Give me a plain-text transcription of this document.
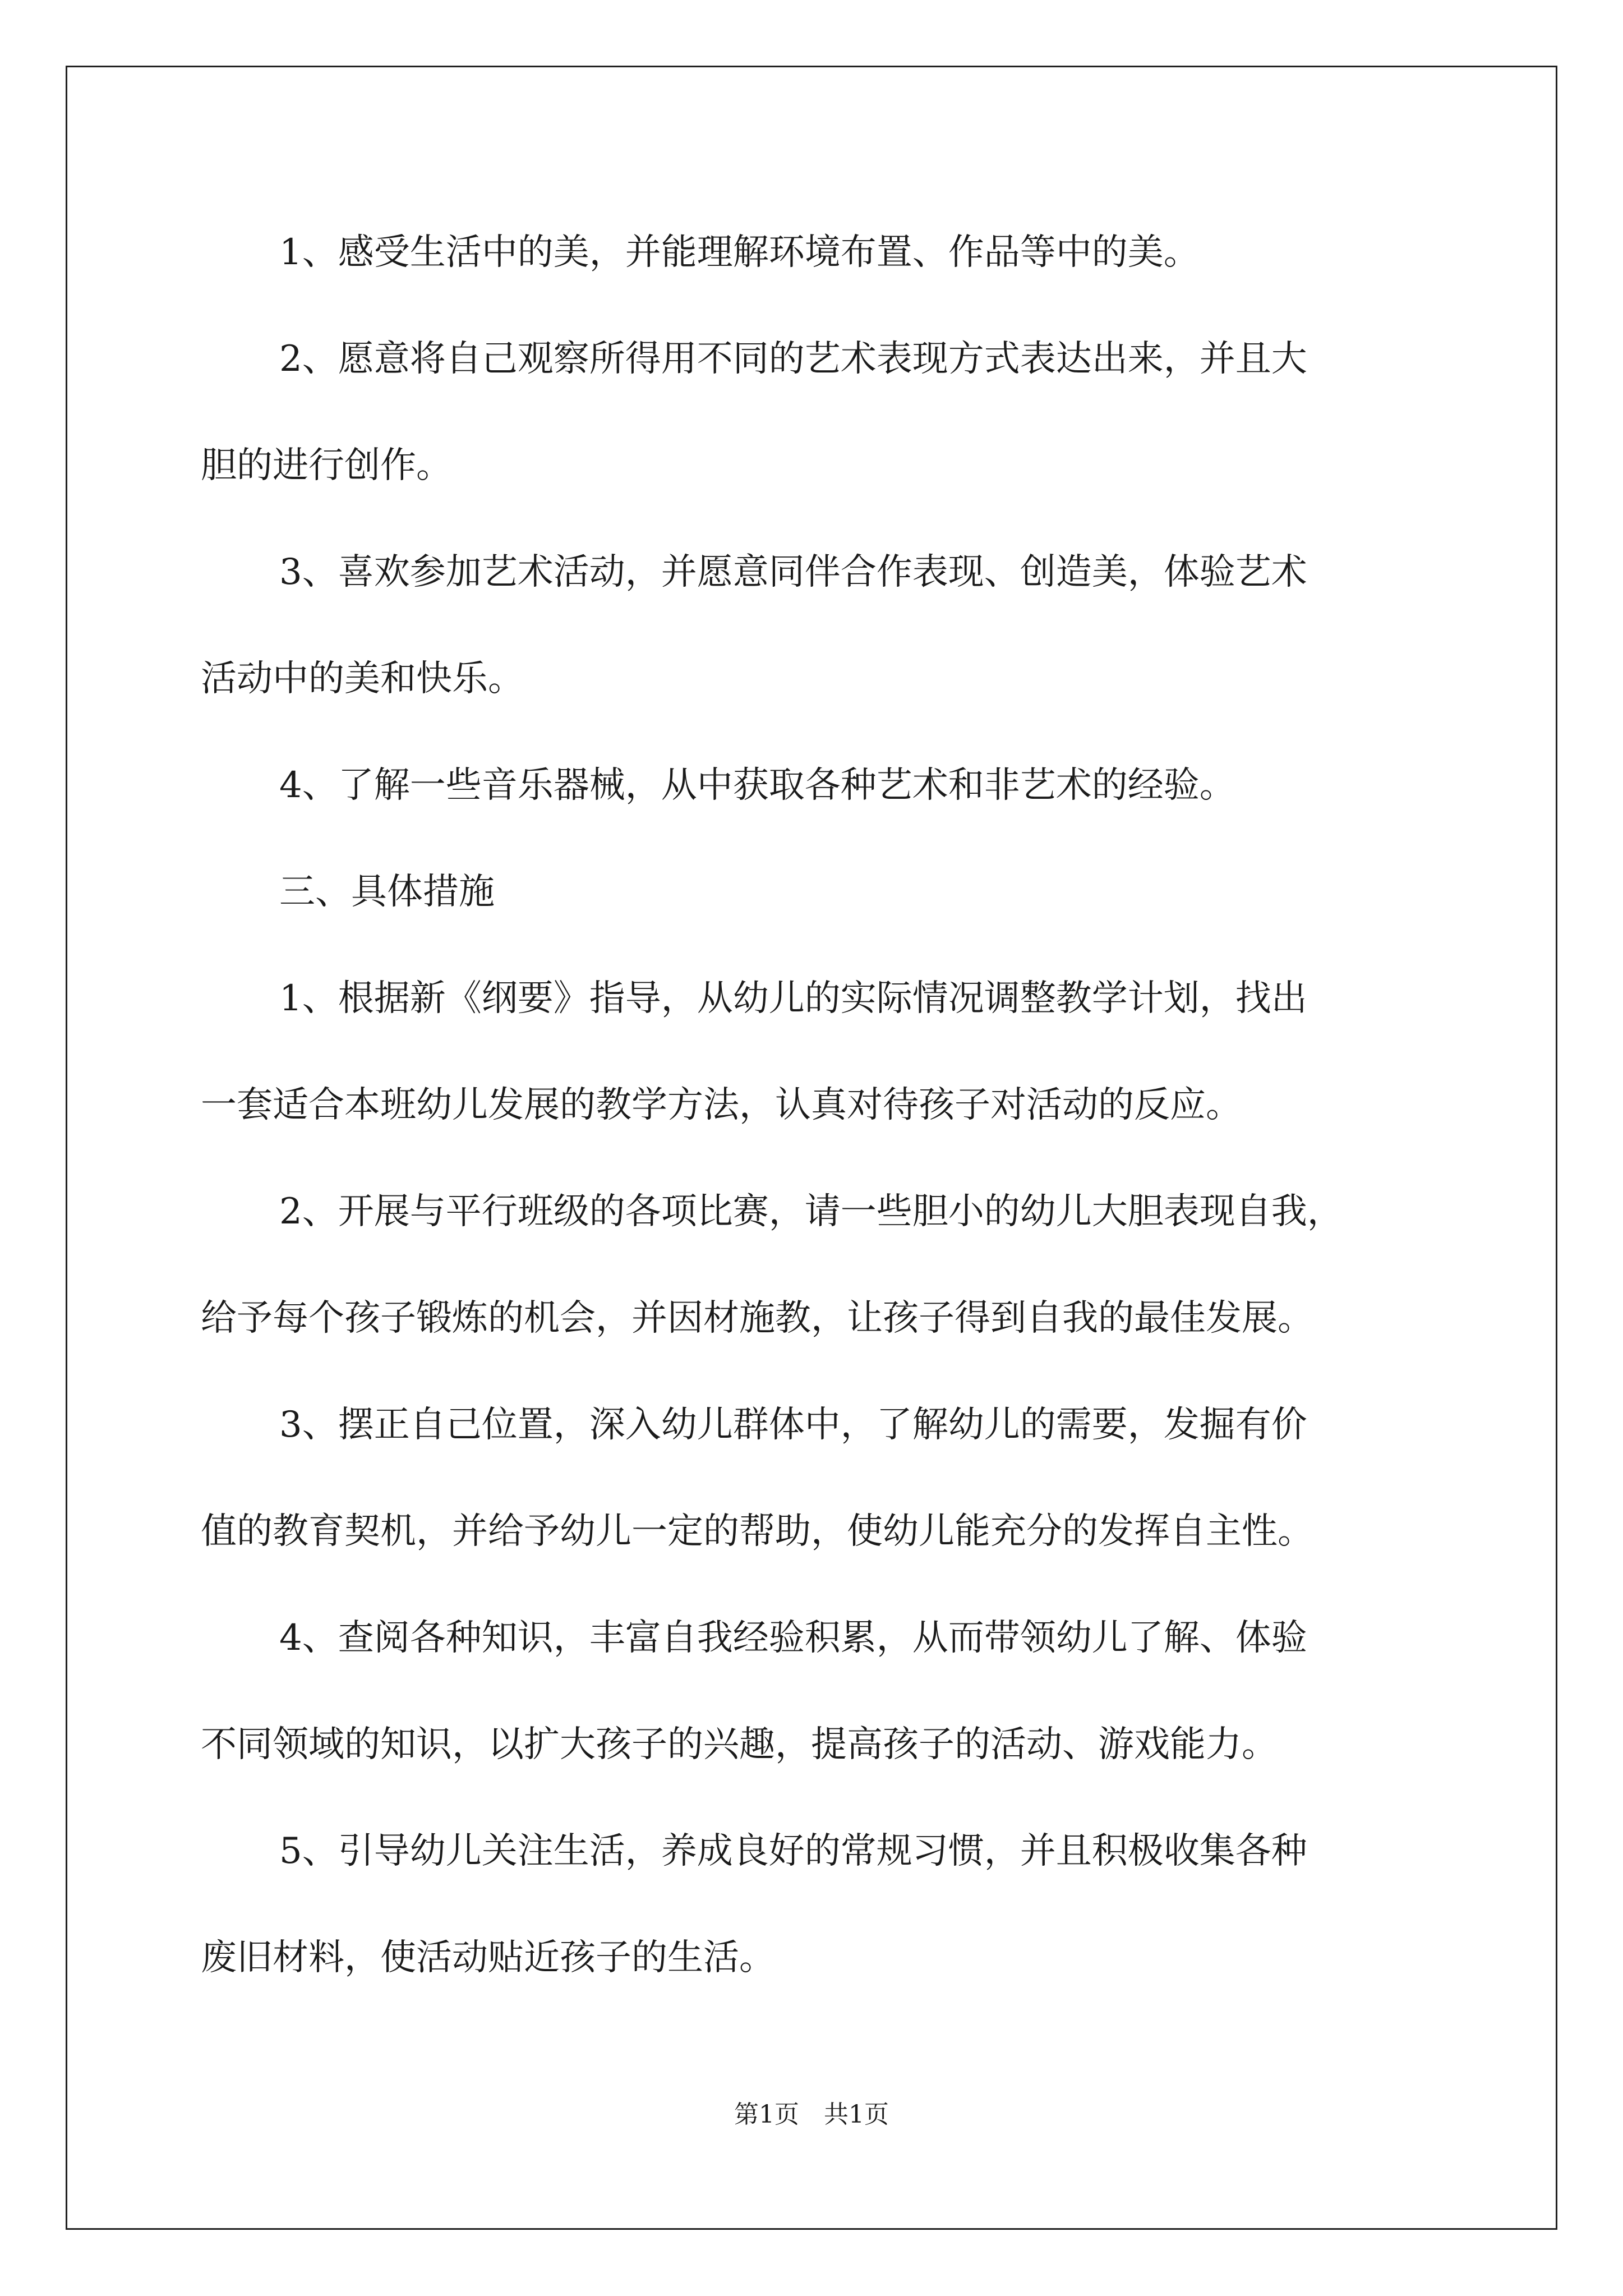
1、感受生活中的美，并能理解环境布置、作品等中的美。
2、愿意将自己观察所得用不同的艺术表现方式表达出来，并且大
胆的进行创作。
3、喜欢参加艺术活动，并愿意同伴合作表现、创造美，体验艺术
活动中的美和快乐。
4、了解一些音乐器械，从中获取各种艺术和非艺术的经验。
三、具体措施
1、根据新《纲要》指导，从幼儿的实际情况调整教学计划，找出
一套适合本班幼儿发展的教学方法，认真对待孩子对活动的反应。
2、开展与平行班级的各项比赛，请一些胆小的幼儿大胆表现自我，
给予每个孩子锻炼的机会，并因材施教，让孩子得到自我的最佳发展。
3、摆正自己位置，深入幼儿群体中，了解幼儿的需要，发掘有价
值的教育契机，并给予幼儿一定的帮助，使幼儿能充分的发挥自主性。
4、查阅各种知识，丰富自我经验积累，从而带领幼儿了解、体验
不同领域的知识，以扩大孩子的兴趣，提高孩子的活动、游戏能力。
5、引导幼儿关注生活，养成良好的常规习惯，并且积极收集各种
废旧材料，使活动贴近孩子的生活。
第1页　共1页
